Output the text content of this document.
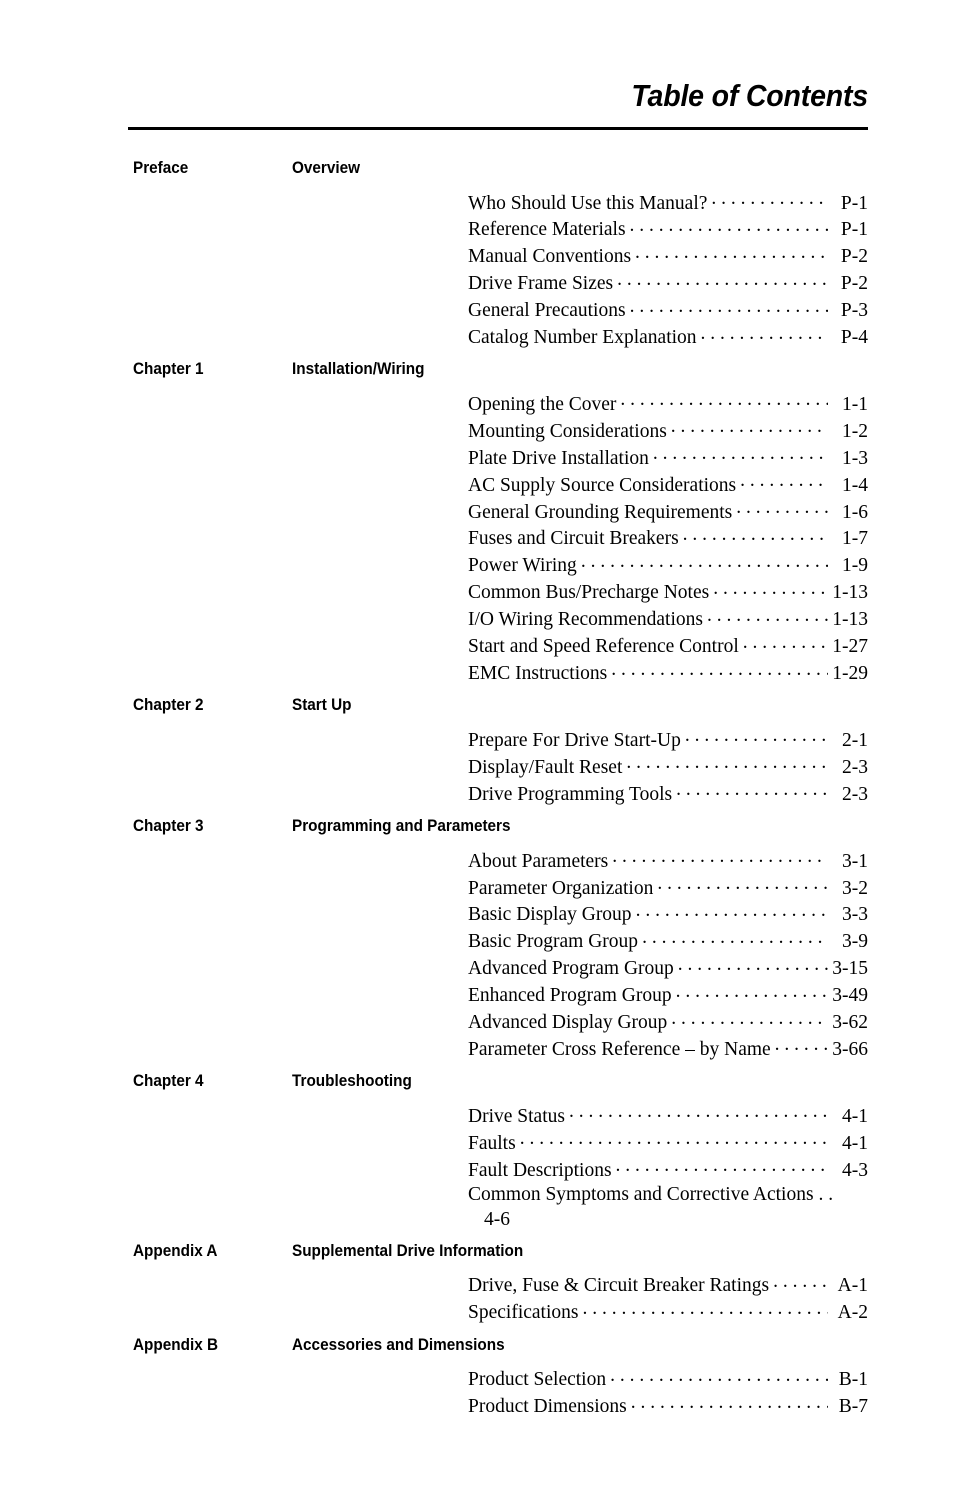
Table of Contents
Preface	Overview
Who Should Use this Manual? . . .	P-1
Reference Materials . . .	P-1
Manual Conventions . . .	P-2
Drive Frame Sizes . . .	P-2
General Precautions . . .	P-3
Catalog Number Explanation . . .	P-4
Chapter 1	Installation/Wiring
Opening the Cover . . .	1-1
Mounting Considerations . . .	1-2
Plate Drive Installation . . .	1-3
AC Supply Source Considerations . . .	1-4
General Grounding Requirements . . .	1-6
Fuses and Circuit Breakers . . .	1-7
Power Wiring . . .	1-9
Common Bus/Precharge Notes . . .	1-13
I/O Wiring Recommendations . . .	1-13
Start and Speed Reference Control . . .	1-27
EMC Instructions . . .	1-29
Chapter 2	Start Up
Prepare For Drive Start-Up . . .	2-1
Display/Fault Reset . . .	2-3
Drive Programming Tools . . .	2-3
Chapter 3	Programming and Parameters
About Parameters . . .	3-1
Parameter Organization . . .	3-2
Basic Display Group . . .	3-3
Basic Program Group . . .	3-9
Advanced Program Group . . .	3-15
Enhanced Program Group . . .	3-49
Advanced Display Group . . .	3-62
Parameter Cross Reference – by Name . . .	3-66
Chapter 4	Troubleshooting
Drive Status . . .	4-1
Faults . . .	4-1
Fault Descriptions . . .	4-3
Common Symptoms and Corrective Actions . .
4-6
Appendix A	Supplemental Drive Information
Drive, Fuse & Circuit Breaker Ratings . . .	A-1
Specifications . . .	A-2
Appendix B	Accessories and Dimensions
Product Selection . . .	B-1
Product Dimensions . . .	B-7
